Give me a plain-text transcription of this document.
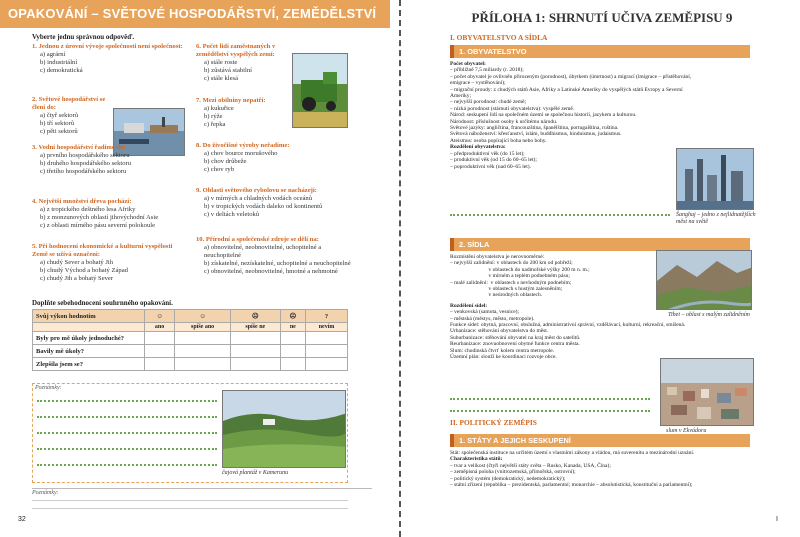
OPAKOVÁNÍ – SVĚTOVÉ HOSPODÁŘSTVÍ, ZEMĚDĚLSTVÍ
Vyberte jednu správnou odpověď.
1. Jednou z úrovní vývoje společnosti není společnost:
a) agrární
b) industriální
c) demokratická
2. Světové hospodářství se člení do:
a) čtyř sektorů
b) tří sektorů
c) pěti sektorů
3. Vodní hospodářství řadíme do:
a) prvního hospodářského sektoru
b) druhého hospodářského sektoru
c) třetího hospodářského sektoru
4. Největší množství dřeva pochází:
a) z tropického deštného lesa Afriky
b) z monzunových oblastí jihovýchodní Asie
c) z oblasti mírného pásu severní polokoule
5. Při hodnocení ekonomické a kulturní vyspělosti Země se užívá označení:
a) chudý Sever a bohatý Jih
b) chudý Východ a bohatý Západ
c) chudý Jih a bohatý Sever
6. Počet lidí zaměstnaných v zemědělství vyspělých zemí:
a) stále roste
b) zůstává stabilní
c) stále klesá
7. Mezi obilniny nepatří:
a) kukuřice
b) rýže
c) řepka
8. Do živočišné výroby neřadíme:
a) chov bource morušového
b) chov drůbeže
c) chov ryb
9. Oblasti světového rybolovu se nacházejí:
a) v mírných a chladných vodách oceánů
b) v tropických vodách daleko od kontinentů
c) v deltách veletoků
10. Přírodní a společenské zdroje se dělí na:
a) obnovitelné, neobnovitelné, uchopitelné a neuchopitelné
b) získatelné, nezískatelné, uchopitelné a neuchopitelné
c) obnovitelné, neobnovitelné, hmotné a nehmotné
Doplňte sebehodnocení souhrnného opakování.
Svůj výkon hodnotím	☺	☺	☹	☹	?
	ano	spíše ano	spíše ne	ne	nevím
Byly pro mě úkoly jednoduché?					
Bavily mě úkoly?					
Zlepšila jsem se?					
Poznámky:
čajová plantáž v Kamerunu
Poznámky:
32
PŘÍLOHA 1: SHRNUTÍ UČIVA ZEMĚPISU 9
I. OBYVATELSTVO A SÍDLA
1. OBYVATELSTVO
Počet obyvatel:
– přibližně 7,5 miliardy (r. 2018);
– počet obyvatel je ovlivněn přirozeným (porodnost), úbytkem (úmrtnost) a migrací (imigrace – přistěhování,
emigrace – vystěhování);
– migrační proudy: z chudých států Asie, Afriky a Latinské Ameriky do vyspělých států Evropy a Severní
Ameriky;
– nejvyšší porodnost: chudé země;
– nízká porodnost (stárnutí obyvatelstva): vyspělé země.
Národ: seskupení lidí na společném území se společnou historií, jazykem a kulturou.
Národnost: příslušnost osoby k určitému národu.
Světové jazyky: angličtina, francouzština, španělština, portugalština, ruština.
Světová náboženství: křesťanství, islám, buddhismus, hinduismus, judaismus.
Ateismus: osoba popírající boha nebo bohy.
Rozdělení obyvatelstva:
– předproduktivní věk (do 15 let);
– produktivní věk (od 15 do 60–65 let);
– poproduktivní věk (nad 60–65 let).
Šanghaj – jedno z nejlidnatějších měst na světě
2. SÍDLA
Rozmístění obyvatelstva je nerovnoměrné:
– nejvyšší zalidnění: v oblastech do 200 km od pobřeží;
v oblastech do nadmořské výšky 200 m n. m.;
v mírném a teplém podnebném pásu;
– malé zalidnění:  v oblastech s nevhodným podnebím;
v oblastech s hustým zalesněním;
v neúrodných oblastech.
Rozdělení sídel:
– venkovská (samota, vesnice);
– městská (městys, město, metropole).
Funkce sídel: obytná, pracovní, obslužná, administrativní správní, vzdělávací, kulturní, rekreační, smíšená.
Urbanizace: stěhování obyvatelstva do měst.
Suburbanizace: stěhování obyvatel na kraj měst do satelitů.
Reurbanizace: znovuobnovení obytné funkce centra města.
Slum: chudinská čtvrť kolem centra metropole.
Územní plán: slouží ke koordinaci rozvoje obce.
Tibet – oblast s malým zalidněním
slum v Ekvádoru
II. POLITICKÝ ZEMĚPIS
1. STÁTY A JEJICH SESKUPENÍ
Stát: společenská instituce na určitém území s vlastními zákony a vládou, má suverenitu a mezinárodní uznání.
Charakteristika států:
– tvar a velikost (čtyři největší státy světa – Rusko, Kanada, USA, Čína);
– zeměpisná poloha (vnitrozemská, přímořská, ostrovní);
– politický systém (demokratický, nedemokratický);
– státní zřízení (republika – prezidentská, parlamentní; monarchie – absolutistická, konstituční a parlamentní);
I
